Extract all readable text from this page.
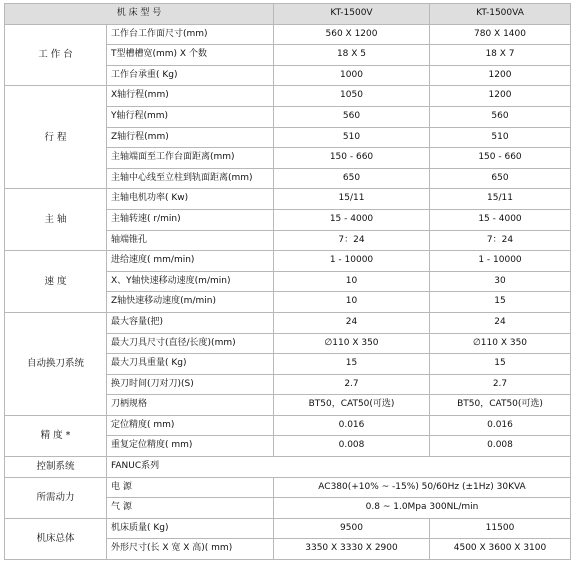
机 床 型 号		KT-1500V	KT-1500VA
工 作 台	工作台工作面尺寸(mm)	560 X 1200	780 X 1400
	T型槽槽宽(mm) X 个数	18 X 5	18 X 7
	工作台承重( Kg)	1000	1200
行 程	X轴行程(mm)	1050	1200
	Y轴行程(mm)	560	560
	Z轴行程(mm)	510	510
	主轴端面至工作台面距离(mm)	150 - 660	150 - 660
	主轴中心线至立柱到轨面距离(mm)	650	650
主 轴	主轴电机功率( Kw)	15/11	15/11
	主轴转速( r/min)	15 - 4000	15 - 4000
	轴端锥孔	7：24	7：24
速 度	进给速度( mm/min)	1 - 10000	1 - 10000
	X、Y轴快速移动速度(m/min)	10	30
	Z轴快速移动速度(m/min)	10	15
自动换刀系统	最大容量(把)	24	24
	最大刀具尺寸(直径/长度)(mm)	∅110 X 350	∅110 X 350
	最大刀具重量( Kg)	15	15
	换刀时间(刀对刀)(S)	2.7	2.7
	刀柄规格	BT50，CAT50(可选)	BT50，CAT50(可选)
精 度 *	定位精度( mm)	0.016	0.016
	重复定位精度( mm)	0.008	0.008
控制系统	FANUC系列		
所需动力	电 源	AC380(+10% ~ -15%) 50/60Hz (±1Hz) 30KVA	
	气 源	0.8 ~ 1.0Mpa 300NL/min	
机床总体	机床质量( Kg)	9500	11500
	外形尺寸(长 X 宽 X 高)( mm)	3350 X 3330 X 2900	4500 X 3600 X 3100
